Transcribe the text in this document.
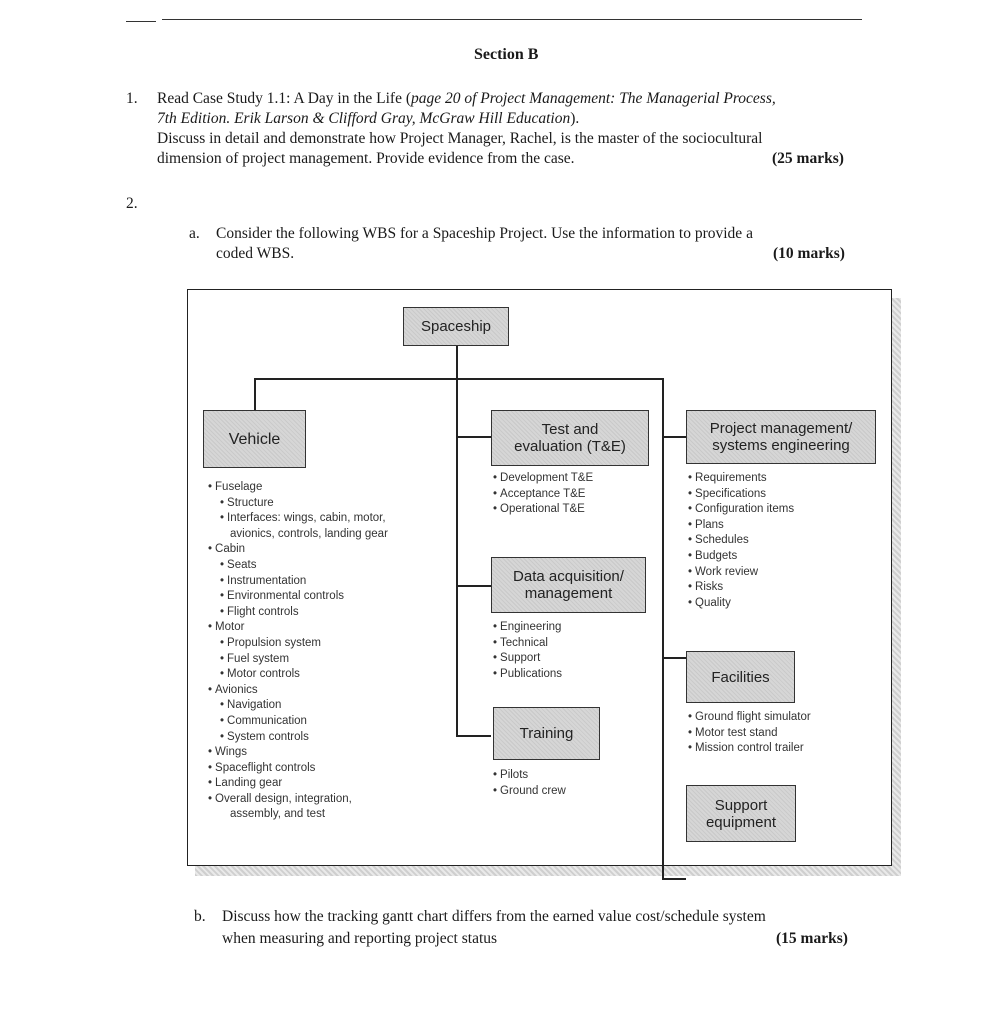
Section B
1. Read Case Study 1.1: A Day in the Life (page 20 of Project Management: The Managerial Process,
7th Edition. Erik Larson & Clifford Gray, McGraw Hill Education).
Discuss in detail and demonstrate how Project Manager, Rachel, is the master of the sociocultural
dimension of project management. Provide evidence from the case.	(25 marks)
2.
a. Consider the following WBS for a Spaceship Project. Use the information to provide a
coded WBS.	(10 marks)
Spaceship
Vehicle
Test and
evaluation (T&E)
Data acquisition/
management
Training
Project management/
systems engineering
Facilities
Support
equipment
• Fuselage
• Structure
• Interfaces: wings, cabin, motor,
avionics, controls, landing gear
• Cabin
• Seats
• Instrumentation
• Environmental controls
• Flight controls
• Motor
• Propulsion system
• Fuel system
• Motor controls
• Avionics
• Navigation
• Communication
• System controls
• Wings
• Spaceflight controls
• Landing gear
• Overall design, integration,
assembly, and test
• Development T&E
• Acceptance T&E
• Operational T&E
• Engineering
• Technical
• Support
• Publications
• Pilots
• Ground crew
• Requirements
• Specifications
• Configuration items
• Plans
• Schedules
• Budgets
• Work review
• Risks
• Quality
• Ground flight simulator
• Motor test stand
• Mission control trailer
b. Discuss how the tracking gantt chart differs from the earned value cost/schedule system
when measuring and reporting project status	(15 marks)
